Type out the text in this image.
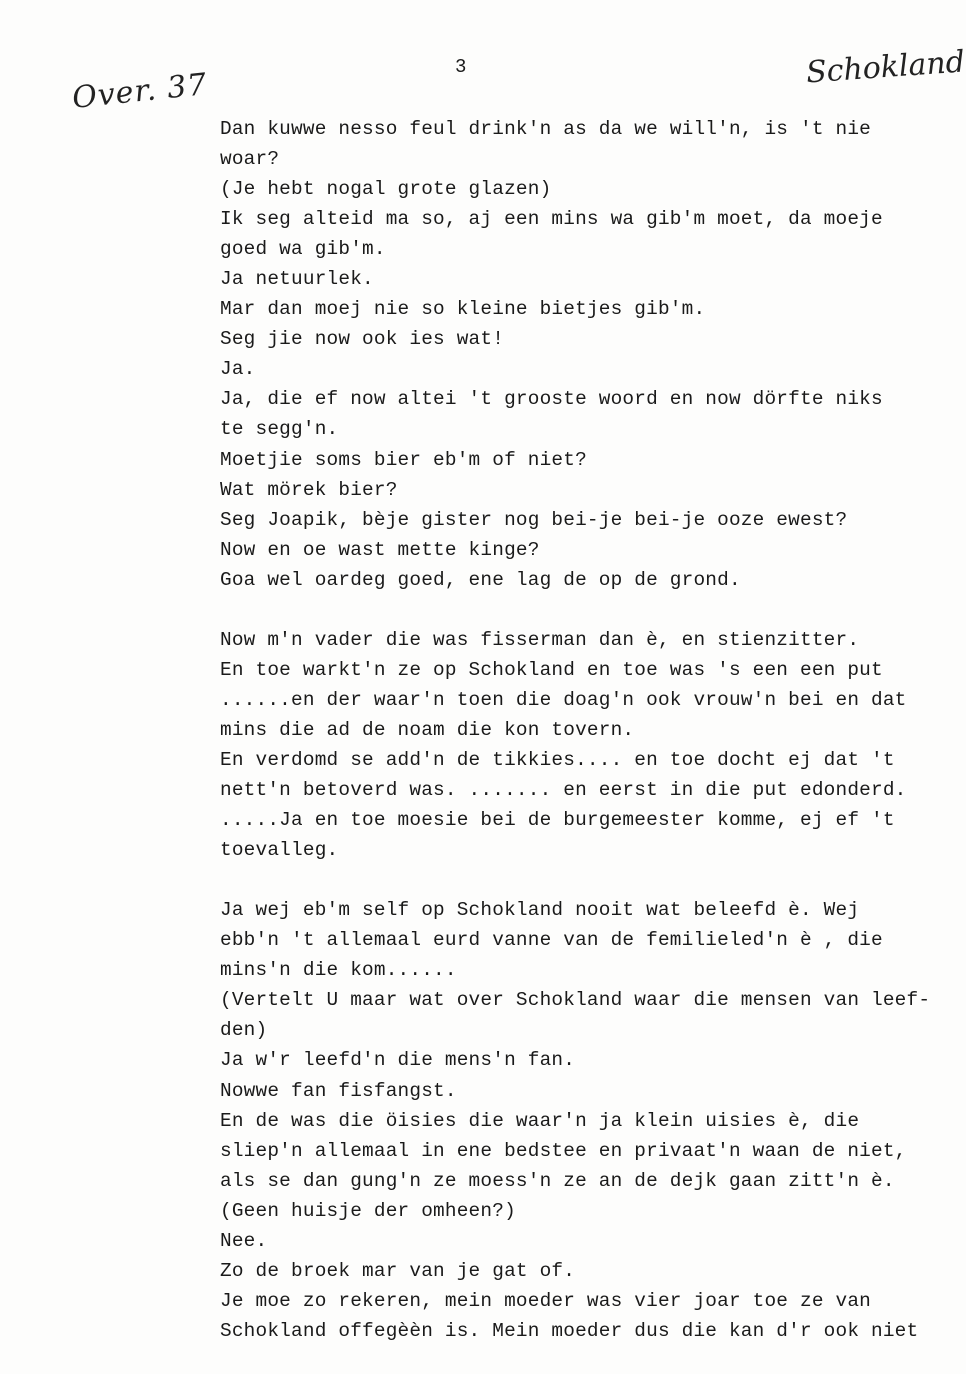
Over. 37
3	Schokland
Dan kuwwe nesso feul drink'n as da we will'n, is 't nie
woar?
(Je hebt nogal grote glazen)
Ik seg alteid ma so, aj een mins wa gib'm moet, da moeje
goed wa gib'm.
Ja netuurlek.
Mar dan moej nie so kleine bietjes gib'm.
Seg jie now ook ies wat!
Ja.
Ja, die ef now altei 't grooste woord en now dörfte niks
te segg'n.
Moetjie soms bier eb'm of niet?
Wat mörek bier?
Seg Joapik, bèje gister nog bei-je bei-je ooze ewest?
Now en oe wast mette kinge?
Goa wel oardeg goed, ene lag de op de grond.
Now m'n vader die was fisserman dan è, en stienzitter.
En toe warkt'n ze op Schokland en toe was 's een een put
......en der waar'n toen die doag'n ook vrouw'n bei en dat
mins die ad de noam die kon tovern.
En verdomd se add'n de tikkies.... en toe docht ej dat 't
nett'n betoverd was. ....... en eerst in die put edonderd.
.....Ja en toe moesie bei de burgemeester komme, ej ef 't
toevalleg.
Ja wej eb'm self op Schokland nooit wat beleefd è. Wej
ebb'n 't allemaal eurd vanne van de femilieled'n è , die
mins'n die kom......
(Vertelt U maar wat over Schokland waar die mensen van leef-
den)
Ja w'r leefd'n die mens'n fan.
Nowwe fan fisfangst.
En de was die öisies die waar'n ja klein uisies è, die
sliep'n allemaal in ene bedstee en privaat'n waan de niet,
als se dan gung'n ze moess'n ze an de dejk gaan zitt'n è.
(Geen huisje der omheen?)
Nee.
Zo de broek mar van je gat of.
Je moe zo rekeren, mein moeder was vier joar toe ze van
Schokland offegèèn is. Mein moeder dus die kan d'r ook niet
